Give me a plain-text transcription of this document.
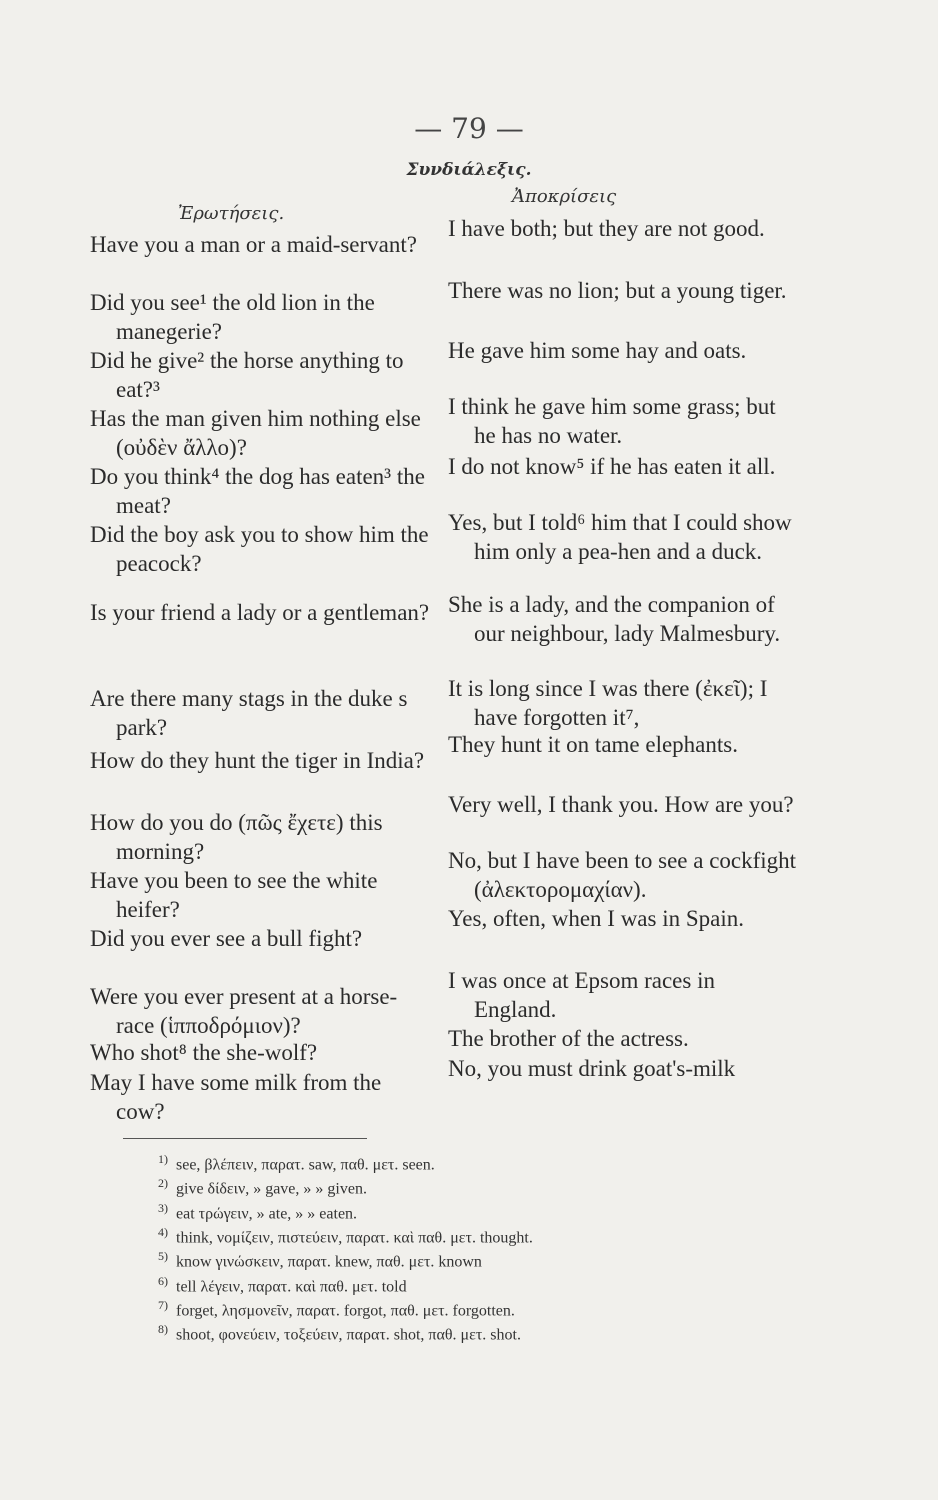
— 79 —
Συνδιάλεξις.
Ἐρωτήσεις.
Ἀποκρίσεις
Have you a man or a maid-servant?
Did you see¹ the old lion in the manegerie?
Did he give² the horse anything to eat?³
Has the man given him nothing else (οὐδὲν ἄλλο)?
Do you think⁴ the dog has eaten³ the meat?
Did the boy ask you to show him the peacock?
Is your friend a lady or a gentleman?
Are there many stags in the duke s park?
How do they hunt the tiger in India?
How do you do (πῶς ἔχετε) this morning?
Have you been to see the white heifer?
Did you ever see a bull fight?
Were you ever present at a horse-race (ἱπποδρόμιον)?
Who shot⁸ the she-wolf?
May I have some milk from the cow?
I have both; but they are not good.
There was no lion; but a young tiger.
He gave him some hay and oats.
I think he gave him some grass; but he has no water.
I do not know⁵ if he has eaten it all.
Yes, but I told⁶ him that I could show him only a pea-hen and a duck.
She is a lady, and the companion of our neighbour, lady Malmesbury.
It is long since I was there (ἐκεῖ); I have forgotten it⁷,
They hunt it on tame elephants.
Very well, I thank you. How are you?
No, but I have been to see a cockfight (ἀλεκτορομαχίαν).
Yes, often, when I was in Spain.
I was once at Epsom races in England.
The brother of the actress.
No, you must drink goat's-milk
1) see, βλέπειν, παρατ. saw, παθ. μετ. seen.
2) give δίδειν, » gave, » » given.
3) eat τρώγειν, » ate, » » eaten.
4) think, νομίζειν, πιστεύειν, παρατ. καὶ παθ. μετ. thought.
5) know γινώσκειν, παρατ. knew, παθ. μετ. known
6) tell λέγειν, παρατ. καὶ παθ. μετ. told
7) forget, λησμονεῖν, παρατ. forgot, παθ. μετ. forgotten.
8) shoot, φονεύειν, τοξεύειν, παρατ. shot, παθ. μετ. shot.
